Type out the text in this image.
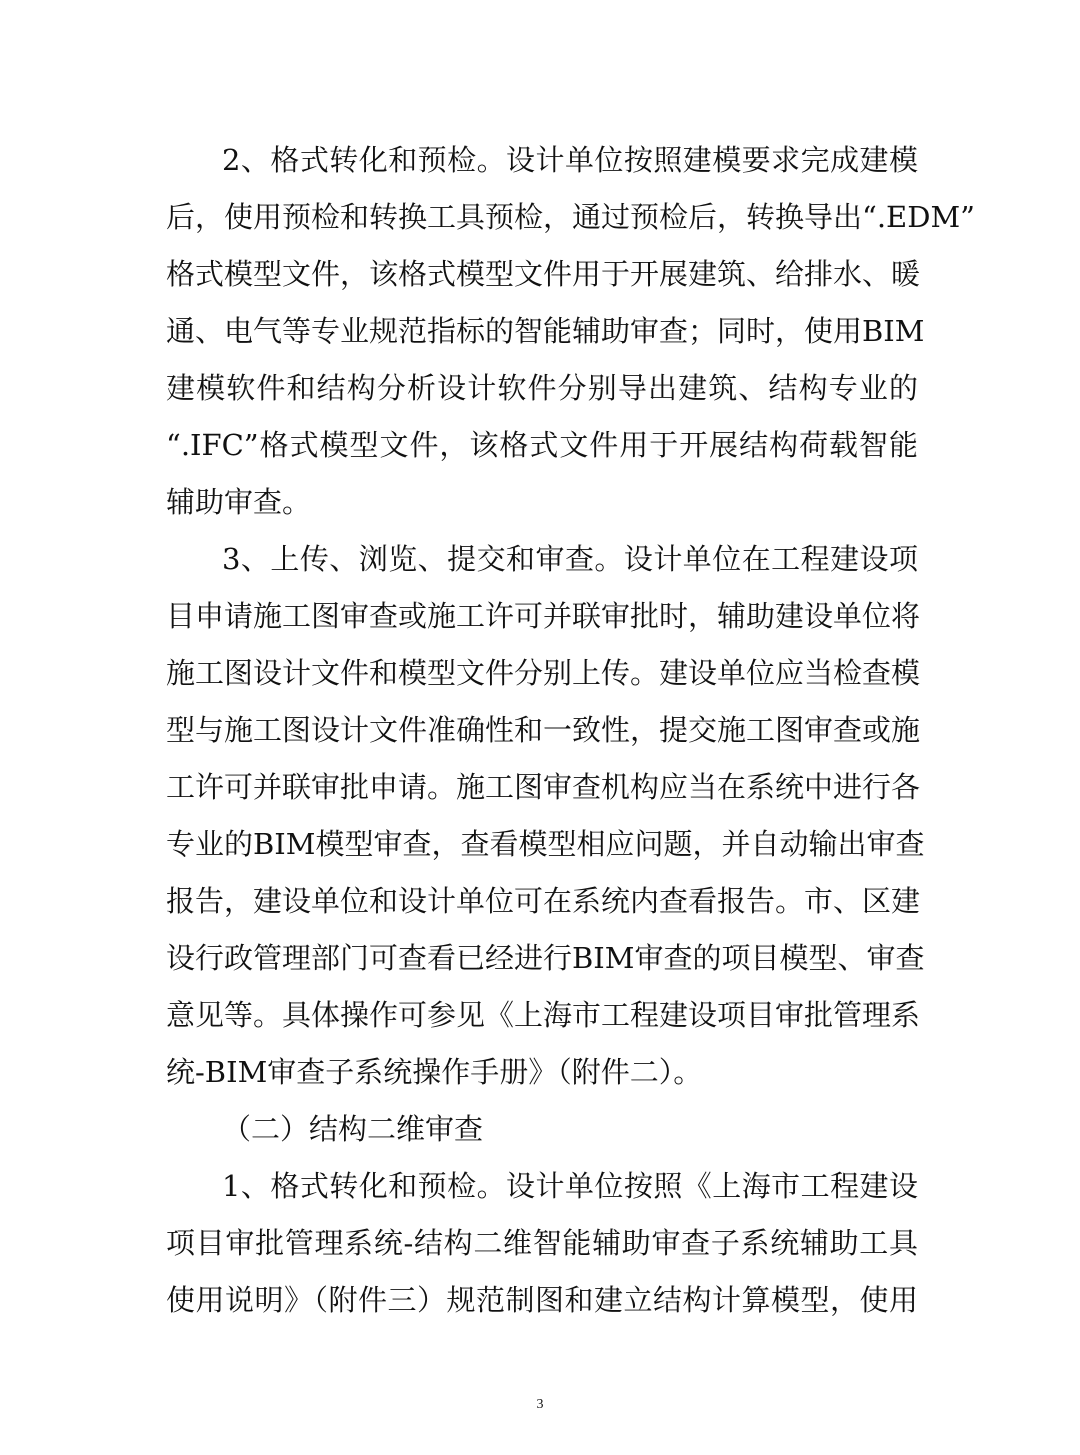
2、格式转化和预检。设计单位按照建模要求完成建模
后，使用预检和转换工具预检，通过预检后，转换导出“.EDM”
格式模型文件，该格式模型文件用于开展建筑、给排水、暖
通、电气等专业规范指标的智能辅助审查；同时，使用BIM
建模软件和结构分析设计软件分别导出建筑、结构专业的
“.IFC”格式模型文件，该格式文件用于开展结构荷载智能
辅助审查。
3、上传、浏览、提交和审查。设计单位在工程建设项
目申请施工图审查或施工许可并联审批时，辅助建设单位将
施工图设计文件和模型文件分别上传。建设单位应当检查模
型与施工图设计文件准确性和一致性，提交施工图审查或施
工许可并联审批申请。施工图审查机构应当在系统中进行各
专业的BIM模型审查，查看模型相应问题，并自动输出审查
报告，建设单位和设计单位可在系统内查看报告。市、区建
设行政管理部门可查看已经进行BIM审查的项目模型、审查
意见等。具体操作可参见《上海市工程建设项目审批管理系
统-BIM审查子系统操作手册》（附件二）。
（二）结构二维审查
1、格式转化和预检。设计单位按照《上海市工程建设
项目审批管理系统-结构二维智能辅助审查子系统辅助工具
使用说明》（附件三）规范制图和建立结构计算模型，使用
3
